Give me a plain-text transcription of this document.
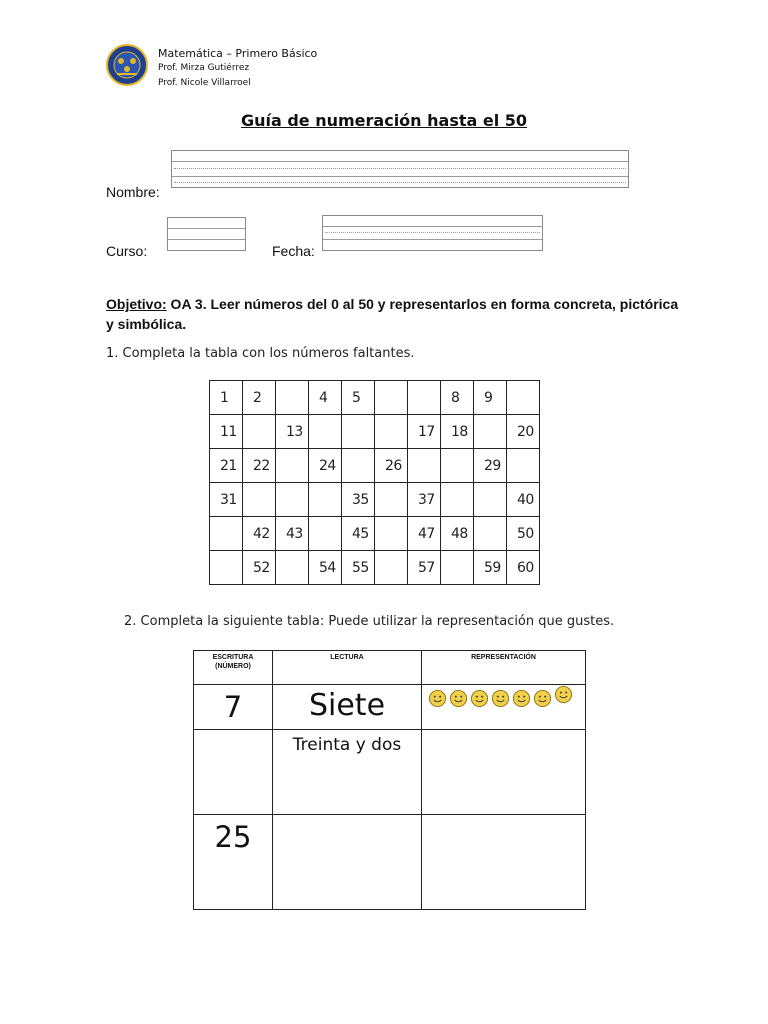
Matemática – Primero Básico
Prof. Mirza Gutiérrez
Prof. Nicole Villarroel
Guía de numeración hasta el 50
Nombre:
Curso:	Fecha:
Objetivo: OA 3. Leer números del 0 al 50 y representarlos en forma concreta, pictórica y simbólica.
1. Completa la tabla con los números faltantes.
1	2		4	5			8	9	
11		13				17	18		20
21	22		24		26			29	
31				35		37			40
	42	43		45		47	48		50
	52		54	55		57		59	60
2. Completa la siguiente tabla: Puede utilizar la representación que gustes.
ESCRITURA
(NÚMERO)	LECTURA	REPRESENTACIÓN

7	Siete

	Treinta y dos	

25		
